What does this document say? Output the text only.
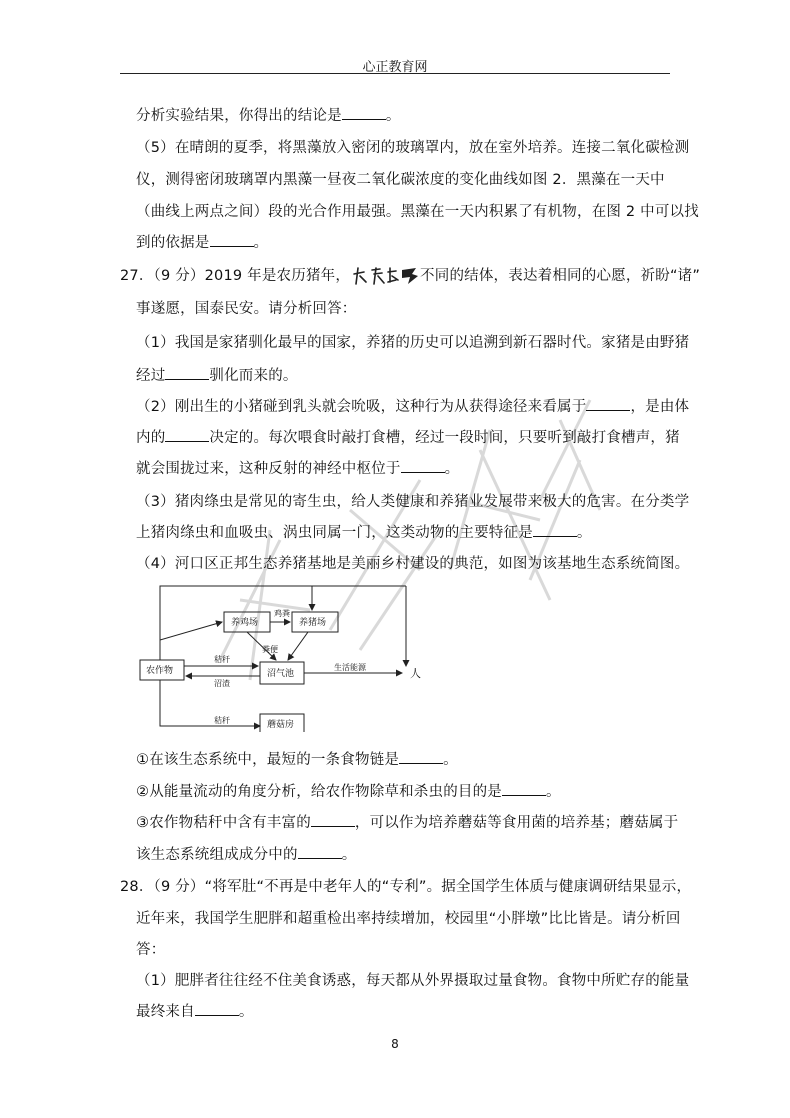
心正教育网
分析实验结果，你得出的结论是	。
（5）在晴朗的夏季，将黑藻放入密闭的玻璃罩内，放在室外培养。连接二氧化碳检测
仪，测得密闭玻璃罩内黑藻一昼夜二氧化碳浓度的变化曲线如图 2．黑藻在一天中
（曲线上两点之间）段的光合作用最强。黑藻在一天内积累了有机物，在图 2 中可以找
到的依据是	。
27．（9 分）2019 年是农历猪年，	不同的结体，表达着相同的心愿，祈盼“诸”
事遂愿，国泰民安。请分析回答：
（1）我国是家猪驯化最早的国家，养猪的历史可以追溯到新石器时代。家猪是由野猪
经过	驯化而来的。
（2）刚出生的小猪碰到乳头就会吮吸，这种行为从获得途径来看属于	，是由体
内的	决定的。每次喂食时敲打食槽，经过一段时间，只要听到敲打食槽声，猪
就会围拢过来，这种反射的神经中枢位于	。
（3）猪肉绦虫是常见的寄生虫，给人类健康和养猪业发展带来极大的危害。在分类学
上猪肉绦虫和血吸虫、涡虫同属一门，这类动物的主要特征是	。
（4）河口区正邦生态养猪基地是美丽乡村建设的典范，如图为该基地生态系统简图。
养鸡场	养猪场
农作物	沼气池
蘑菇房
人
鸡粪
粪便
秸秆
沼渣
生活能源
秸秆
①在该生态系统中，最短的一条食物链是	。
②从能量流动的角度分析，给农作物除草和杀虫的目的是	。
③农作物秸秆中含有丰富的	，可以作为培养蘑菇等食用菌的培养基；蘑菇属于
该生态系统组成成分中的	。
28．（9 分）“将军肚“不再是中老年人的“专利”。据全国学生体质与健康调研结果显示，
近年来，我国学生肥胖和超重检出率持续增加，校园里“小胖墩”比比皆是。请分析回
答：
（1）肥胖者往往经不住美食诱惑，每天都从外界摄取过量食物。食物中所贮存的能量
最终来自	。
8
